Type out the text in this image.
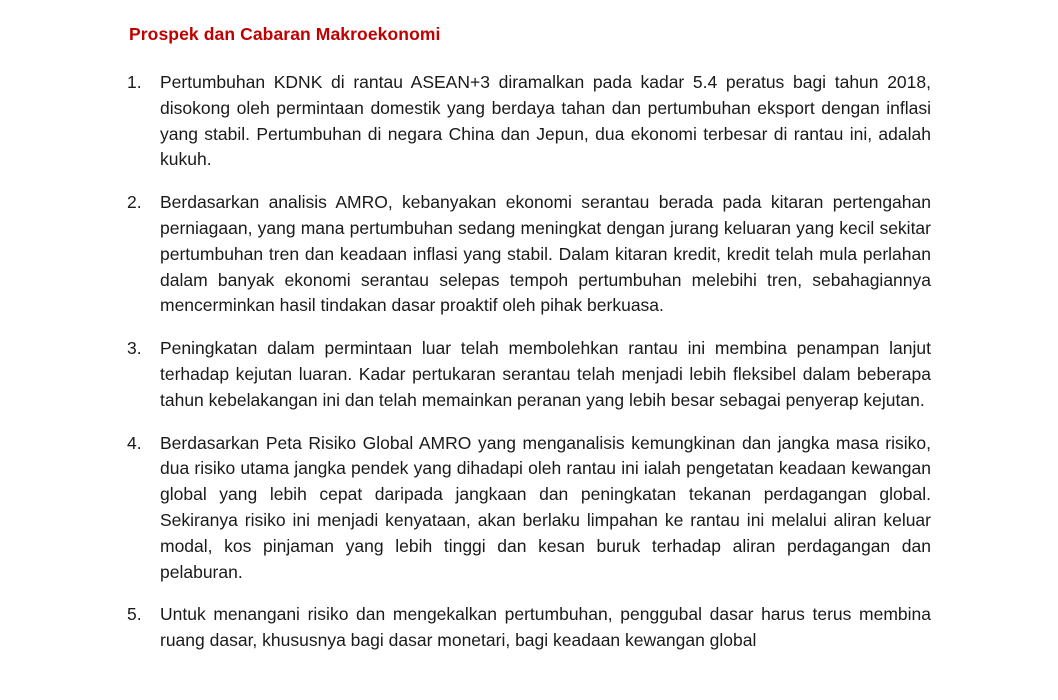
Prospek dan Cabaran Makroekonomi
1.	Pertumbuhan KDNK di rantau ASEAN+3 diramalkan pada kadar 5.4 peratus bagi tahun 2018, disokong oleh permintaan domestik yang berdaya tahan dan pertumbuhan eksport dengan inflasi yang stabil. Pertumbuhan di negara China dan Jepun, dua ekonomi terbesar di rantau ini, adalah kukuh.

2.	Berdasarkan analisis AMRO, kebanyakan ekonomi serantau berada pada kitaran pertengahan perniagaan, yang mana pertumbuhan sedang meningkat dengan jurang keluaran yang kecil sekitar pertumbuhan tren dan keadaan inflasi yang stabil. Dalam kitaran kredit, kredit telah mula perlahan dalam banyak ekonomi serantau selepas tempoh pertumbuhan melebihi tren, sebahagiannya mencerminkan hasil tindakan dasar proaktif oleh pihak berkuasa.

3.	Peningkatan dalam permintaan luar telah membolehkan rantau ini membina penampan lanjut terhadap kejutan luaran. Kadar pertukaran serantau telah menjadi lebih fleksibel dalam beberapa tahun kebelakangan ini dan telah memainkan peranan yang lebih besar sebagai penyerap kejutan.

4.	Berdasarkan Peta Risiko Global AMRO yang menganalisis kemungkinan dan jangka masa risiko, dua risiko utama jangka pendek yang dihadapi oleh rantau ini ialah pengetatan keadaan kewangan global yang lebih cepat daripada jangkaan dan peningkatan tekanan perdagangan global. Sekiranya risiko ini menjadi kenyataan, akan berlaku limpahan ke rantau ini melalui aliran keluar modal, kos pinjaman yang lebih tinggi dan kesan buruk terhadap aliran perdagangan dan pelaburan.

5.	Untuk menangani risiko dan mengekalkan pertumbuhan, penggubal dasar harus terus membina ruang dasar, khususnya bagi dasar monetari, bagi keadaan kewangan global
